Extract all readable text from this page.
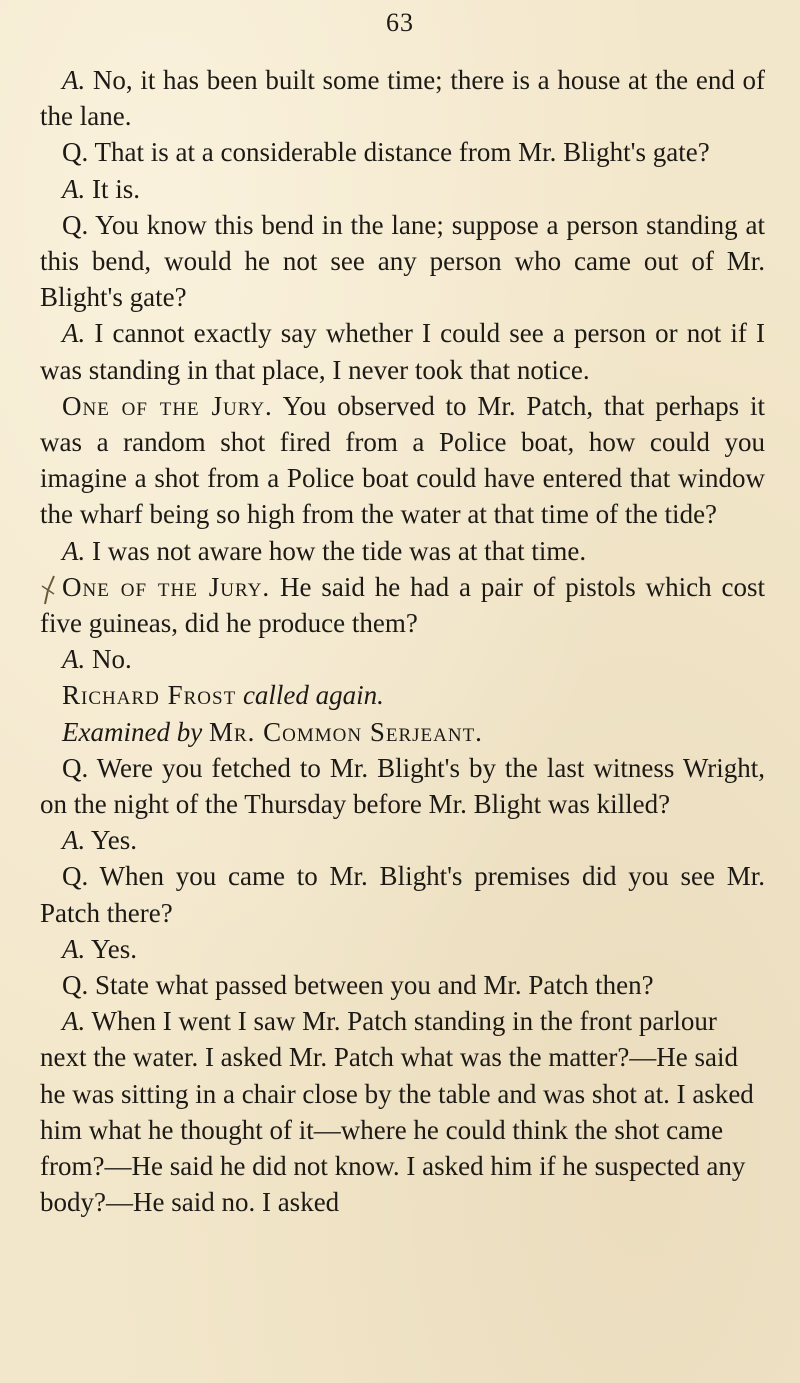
63

A. No, it has been built some time; there is a house at the end of the lane.

Q. That is at a considerable distance from Mr. Blight's gate?

A. It is.

Q. You know this bend in the lane; suppose a person standing at this bend, would he not see any person who came out of Mr. Blight's gate?

A. I cannot exactly say whether I could see a person or not if I was standing in that place, I never took that notice.

One of the Jury. You observed to Mr. Patch, that perhaps it was a random shot fired from a Police boat, how could you imagine a shot from a Police boat could have entered that window the wharf being so high from the water at that time of the tide?

A. I was not aware how the tide was at that time.

One of the Jury. He said he had a pair of pistols which cost five guineas, did he produce them?

A. No.

Richard Frost called again.

Examined by Mr. Common Serjeant.

Q. Were you fetched to Mr. Blight's by the last witness Wright, on the night of the Thursday before Mr. Blight was killed?

A. Yes.

Q. When you came to Mr. Blight's premises did you see Mr. Patch there?

A. Yes.

Q. State what passed between you and Mr. Patch then?

A. When I went I saw Mr. Patch standing in the front parlour next the water. I asked Mr. Patch what was the matter?—He said he was sitting in a chair close by the table and was shot at. I asked him what he thought of it—where he could think the shot came from?—He said he did not know. I asked him if he suspected any body?—He said no. I asked
